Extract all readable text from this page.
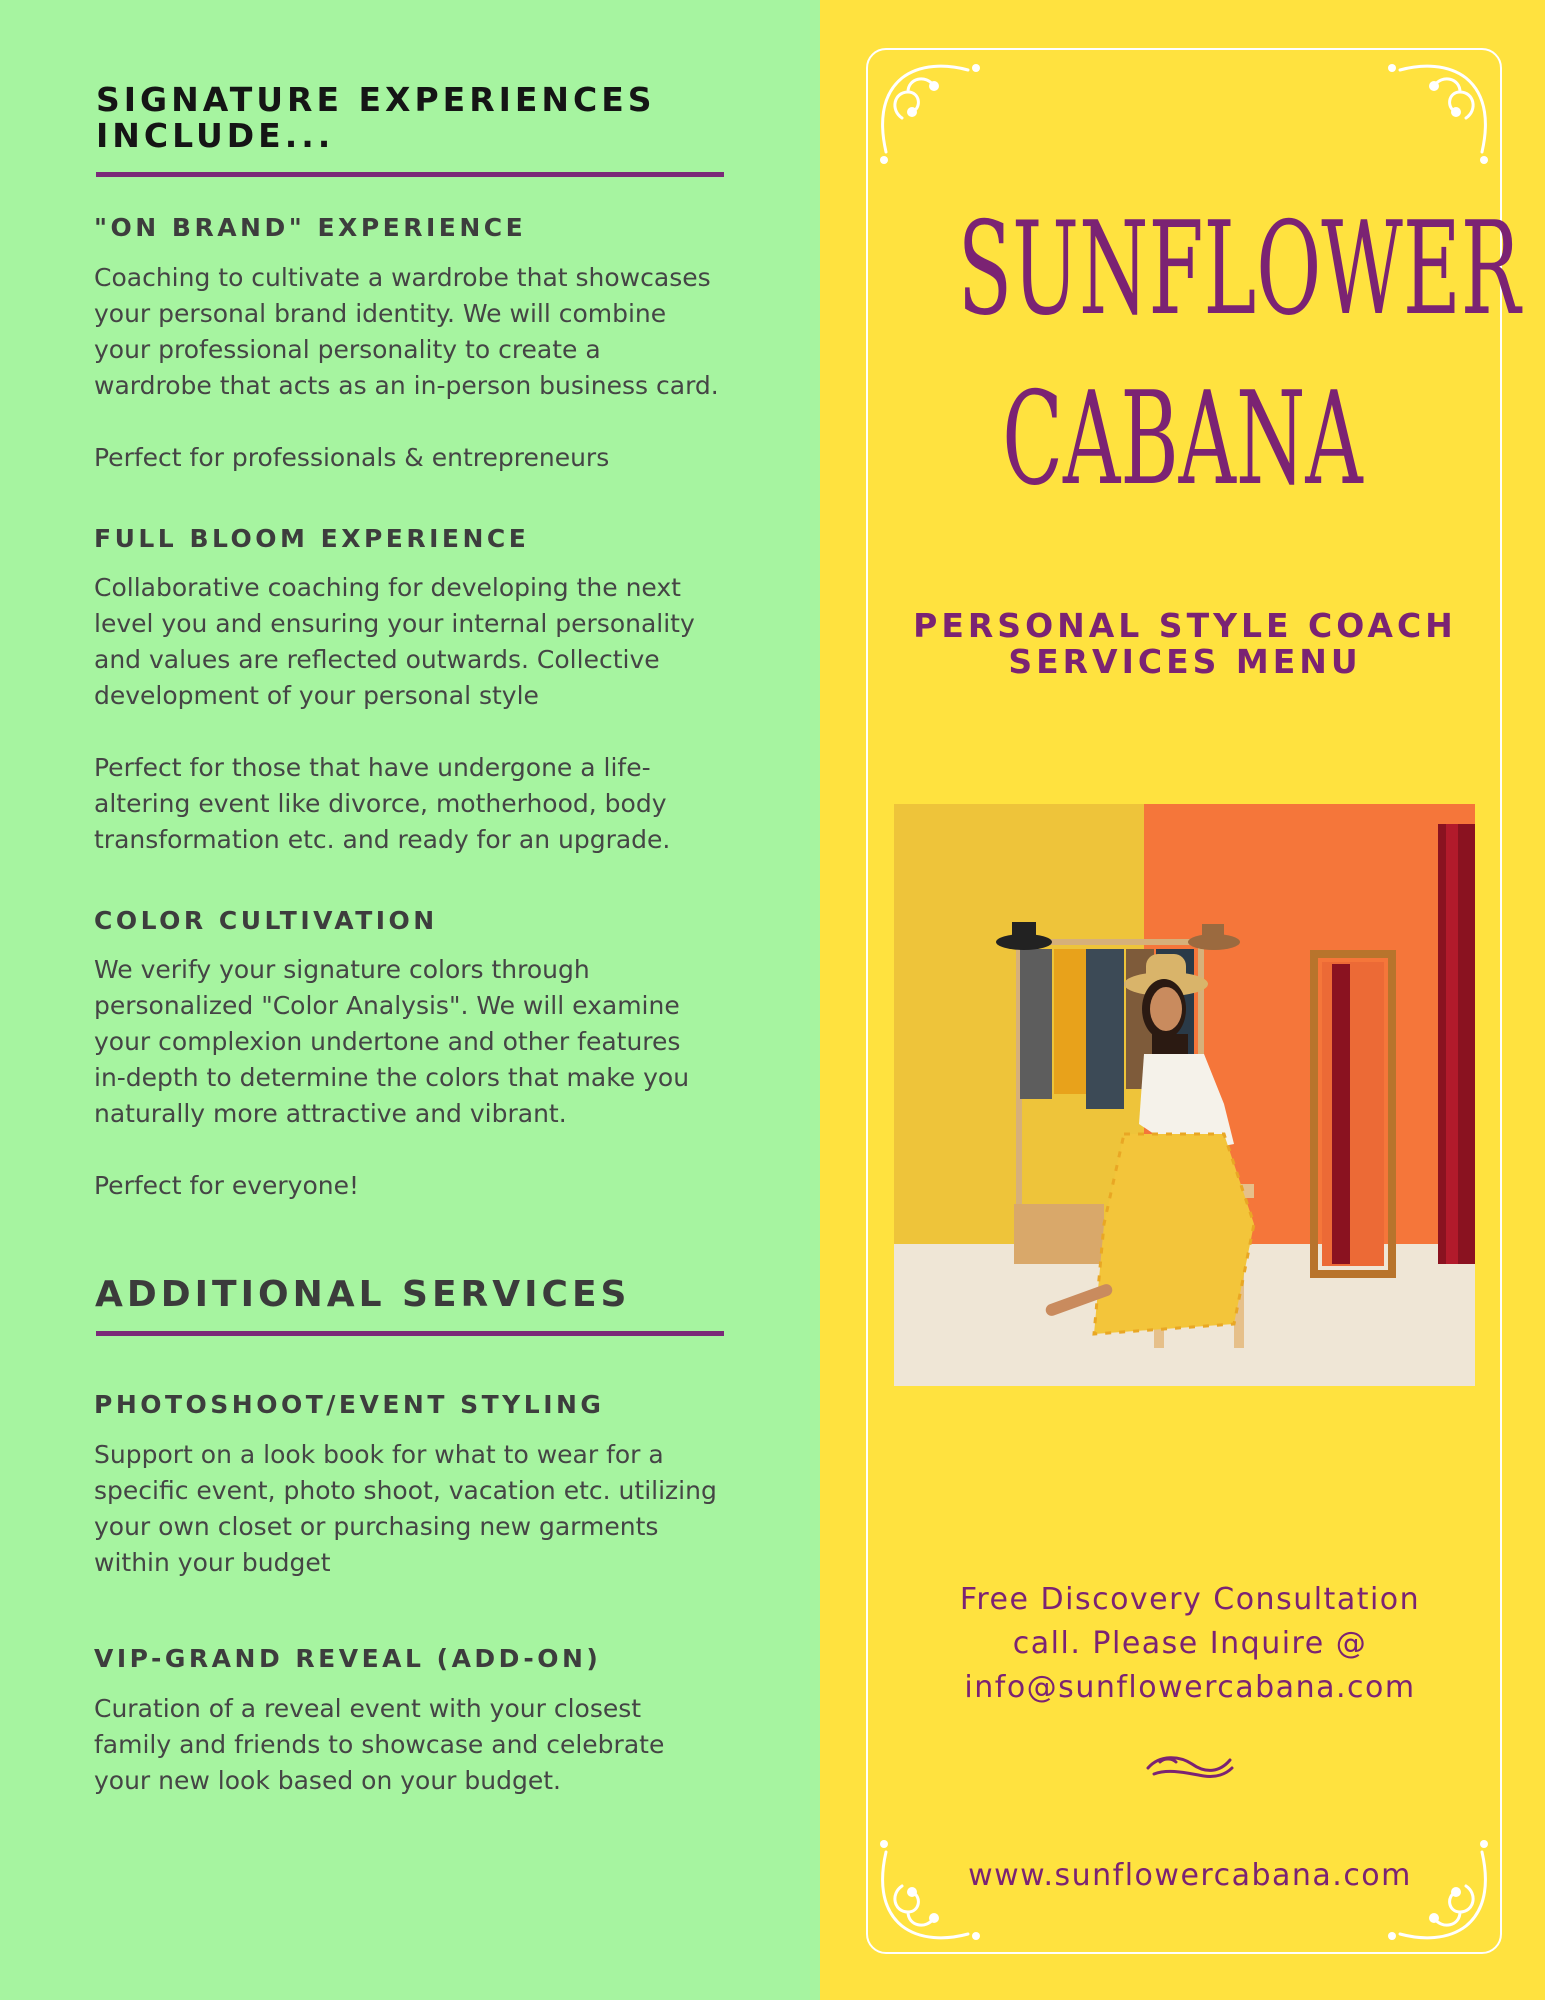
SIGNATURE EXPERIENCES
INCLUDE...
"ON BRAND" EXPERIENCE
Coaching to cultivate a wardrobe that showcases
your personal brand identity. We will combine
your professional personality to create a
wardrobe that acts as an in-person business card.
Perfect for professionals & entrepreneurs
FULL BLOOM EXPERIENCE
Collaborative coaching for developing the next
level you and ensuring your internal personality
and values are reflected outwards. Collective
development of your personal style
Perfect for those that have undergone a life-
altering event like divorce, motherhood, body
transformation etc. and ready for an upgrade.
COLOR CULTIVATION
We verify your signature colors through
personalized "Color Analysis". We will examine
your complexion undertone and other features
in-depth to determine the colors that make you
naturally more attractive and vibrant.
Perfect for everyone!
ADDITIONAL SERVICES
PHOTOSHOOT/EVENT STYLING
Support on a look book for what to wear for a
specific event, photo shoot, vacation etc. utilizing
your own closet or purchasing new garments
within your budget
VIP-GRAND REVEAL (ADD-ON)
Curation of a reveal event with your closest
family and friends to showcase and celebrate
your new look based on your budget.
SUNFLOWER
CABANA
PERSONAL STYLE COACH
SERVICES MENU
Free Discovery Consultation
call. Please Inquire @
info@sunflowercabana.com
www.sunflowercabana.com
